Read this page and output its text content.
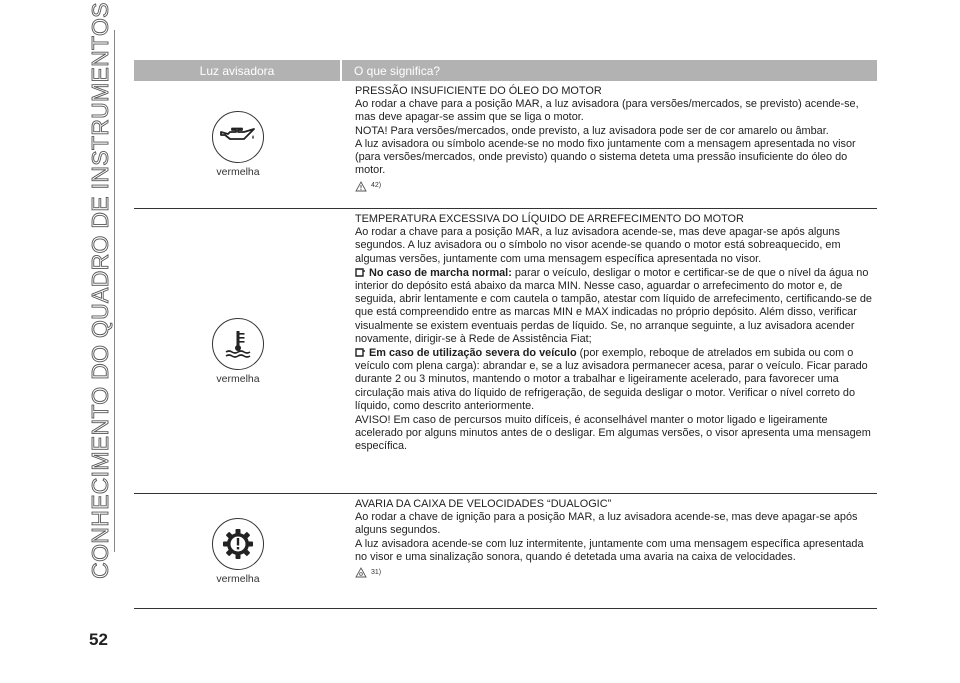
CONHECIMENTO DO QUADRO DE INSTRUMENTOS	Luz avisadora	O que significa?
vermelha

PRESSÃO INSUFICIENTE DO ÓLEO DO MOTOR

Ao rodar a chave para a posição MAR, a luz avisadora (para versões/mercados, se previsto) acende-se, mas deve apagar-se assim que se liga o motor.

NOTA! Para versões/mercados, onde previsto, a luz avisadora pode ser de cor amarelo ou âmbar.

A luz avisadora ou símbolo acende-se no modo fixo juntamente com a mensagem apresentada no visor (para versões/mercados, onde previsto) quando o sistema deteta uma pressão insuficiente do óleo do motor.

42)
vermelha

TEMPERATURA EXCESSIVA DO LÍQUIDO DE ARREFECIMENTO DO MOTOR

Ao rodar a chave para a posição MAR, a luz avisadora acende-se, mas deve apagar-se após alguns segundos. A luz avisadora ou o símbolo no visor acende-se quando o motor está sobreaquecido, em algumas versões, juntamente com uma mensagem específica apresentada no visor.

No caso de marcha normal: parar o veículo, desligar o motor e certificar-se de que o nível da água no interior do depósito está abaixo da marca MIN. Nesse caso, aguardar o arrefecimento do motor e, de seguida, abrir lentamente e com cautela o tampão, atestar com líquido de arrefecimento, certificando-se de que está compreendido entre as marcas MIN e MAX indicadas no próprio depósito. Além disso, verificar visualmente se existem eventuais perdas de líquido. Se, no arranque seguinte, a luz avisadora acender novamente, dirigir-se à Rede de Assistência Fiat;

Em caso de utilização severa do veículo (por exemplo, reboque de atrelados em subida ou com o veículo com plena carga): abrandar e, se a luz avisadora permanecer acesa, parar o veículo. Ficar parado durante 2 ou 3 minutos, mantendo o motor a trabalhar e ligeiramente acelerado, para favorecer uma circulação mais ativa do líquido de refrigeração, de seguida desligar o motor. Verificar o nível correto do líquido, como descrito anteriormente.

AVISO! Em caso de percursos muito difíceis, é aconselhável manter o motor ligado e ligeiramente acelerado por alguns minutos antes de o desligar. Em algumas versões, o visor apresenta uma mensagem específica.

vermelha

AVARIA DA CAIXA DE VELOCIDADES “DUALOGIC”

Ao rodar a chave de ignição para a posição MAR, a luz avisadora acende-se, mas deve apagar-se após alguns segundos.

A luz avisadora acende-se com luz intermitente, juntamente com uma mensagem específica apresentada no visor e uma sinalização sonora, quando é detetada uma avaria na caixa de velocidades.

31)
52
